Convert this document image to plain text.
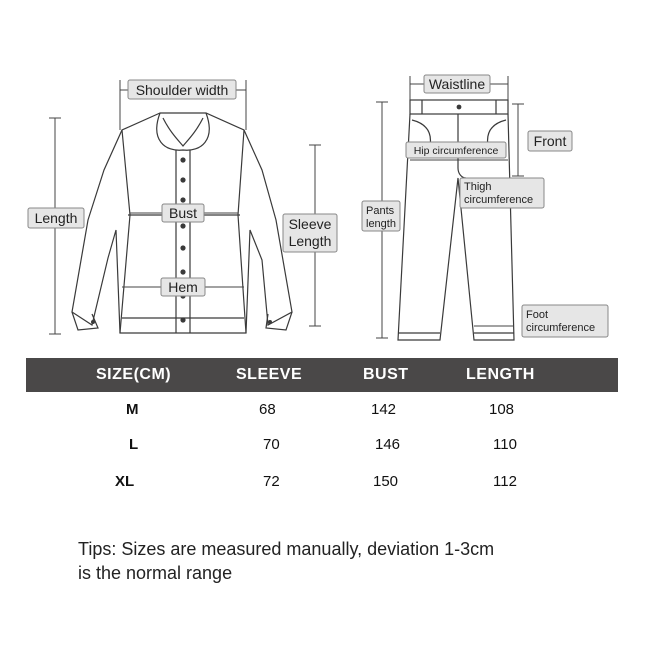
Shoulder width
Length	Bust
Hem
Sleeve
Length
Waistline
Front
Hip circumference
Thigh
circumference
Pants
length
Foot
circumference
SIZE(CM)	SLEEVE	BUST	LENGTH
M	68	142	108
L	70	146	110
XL	72	150	112
Tips: Sizes are measured manually, deviation 1-3cm
is the normal range
